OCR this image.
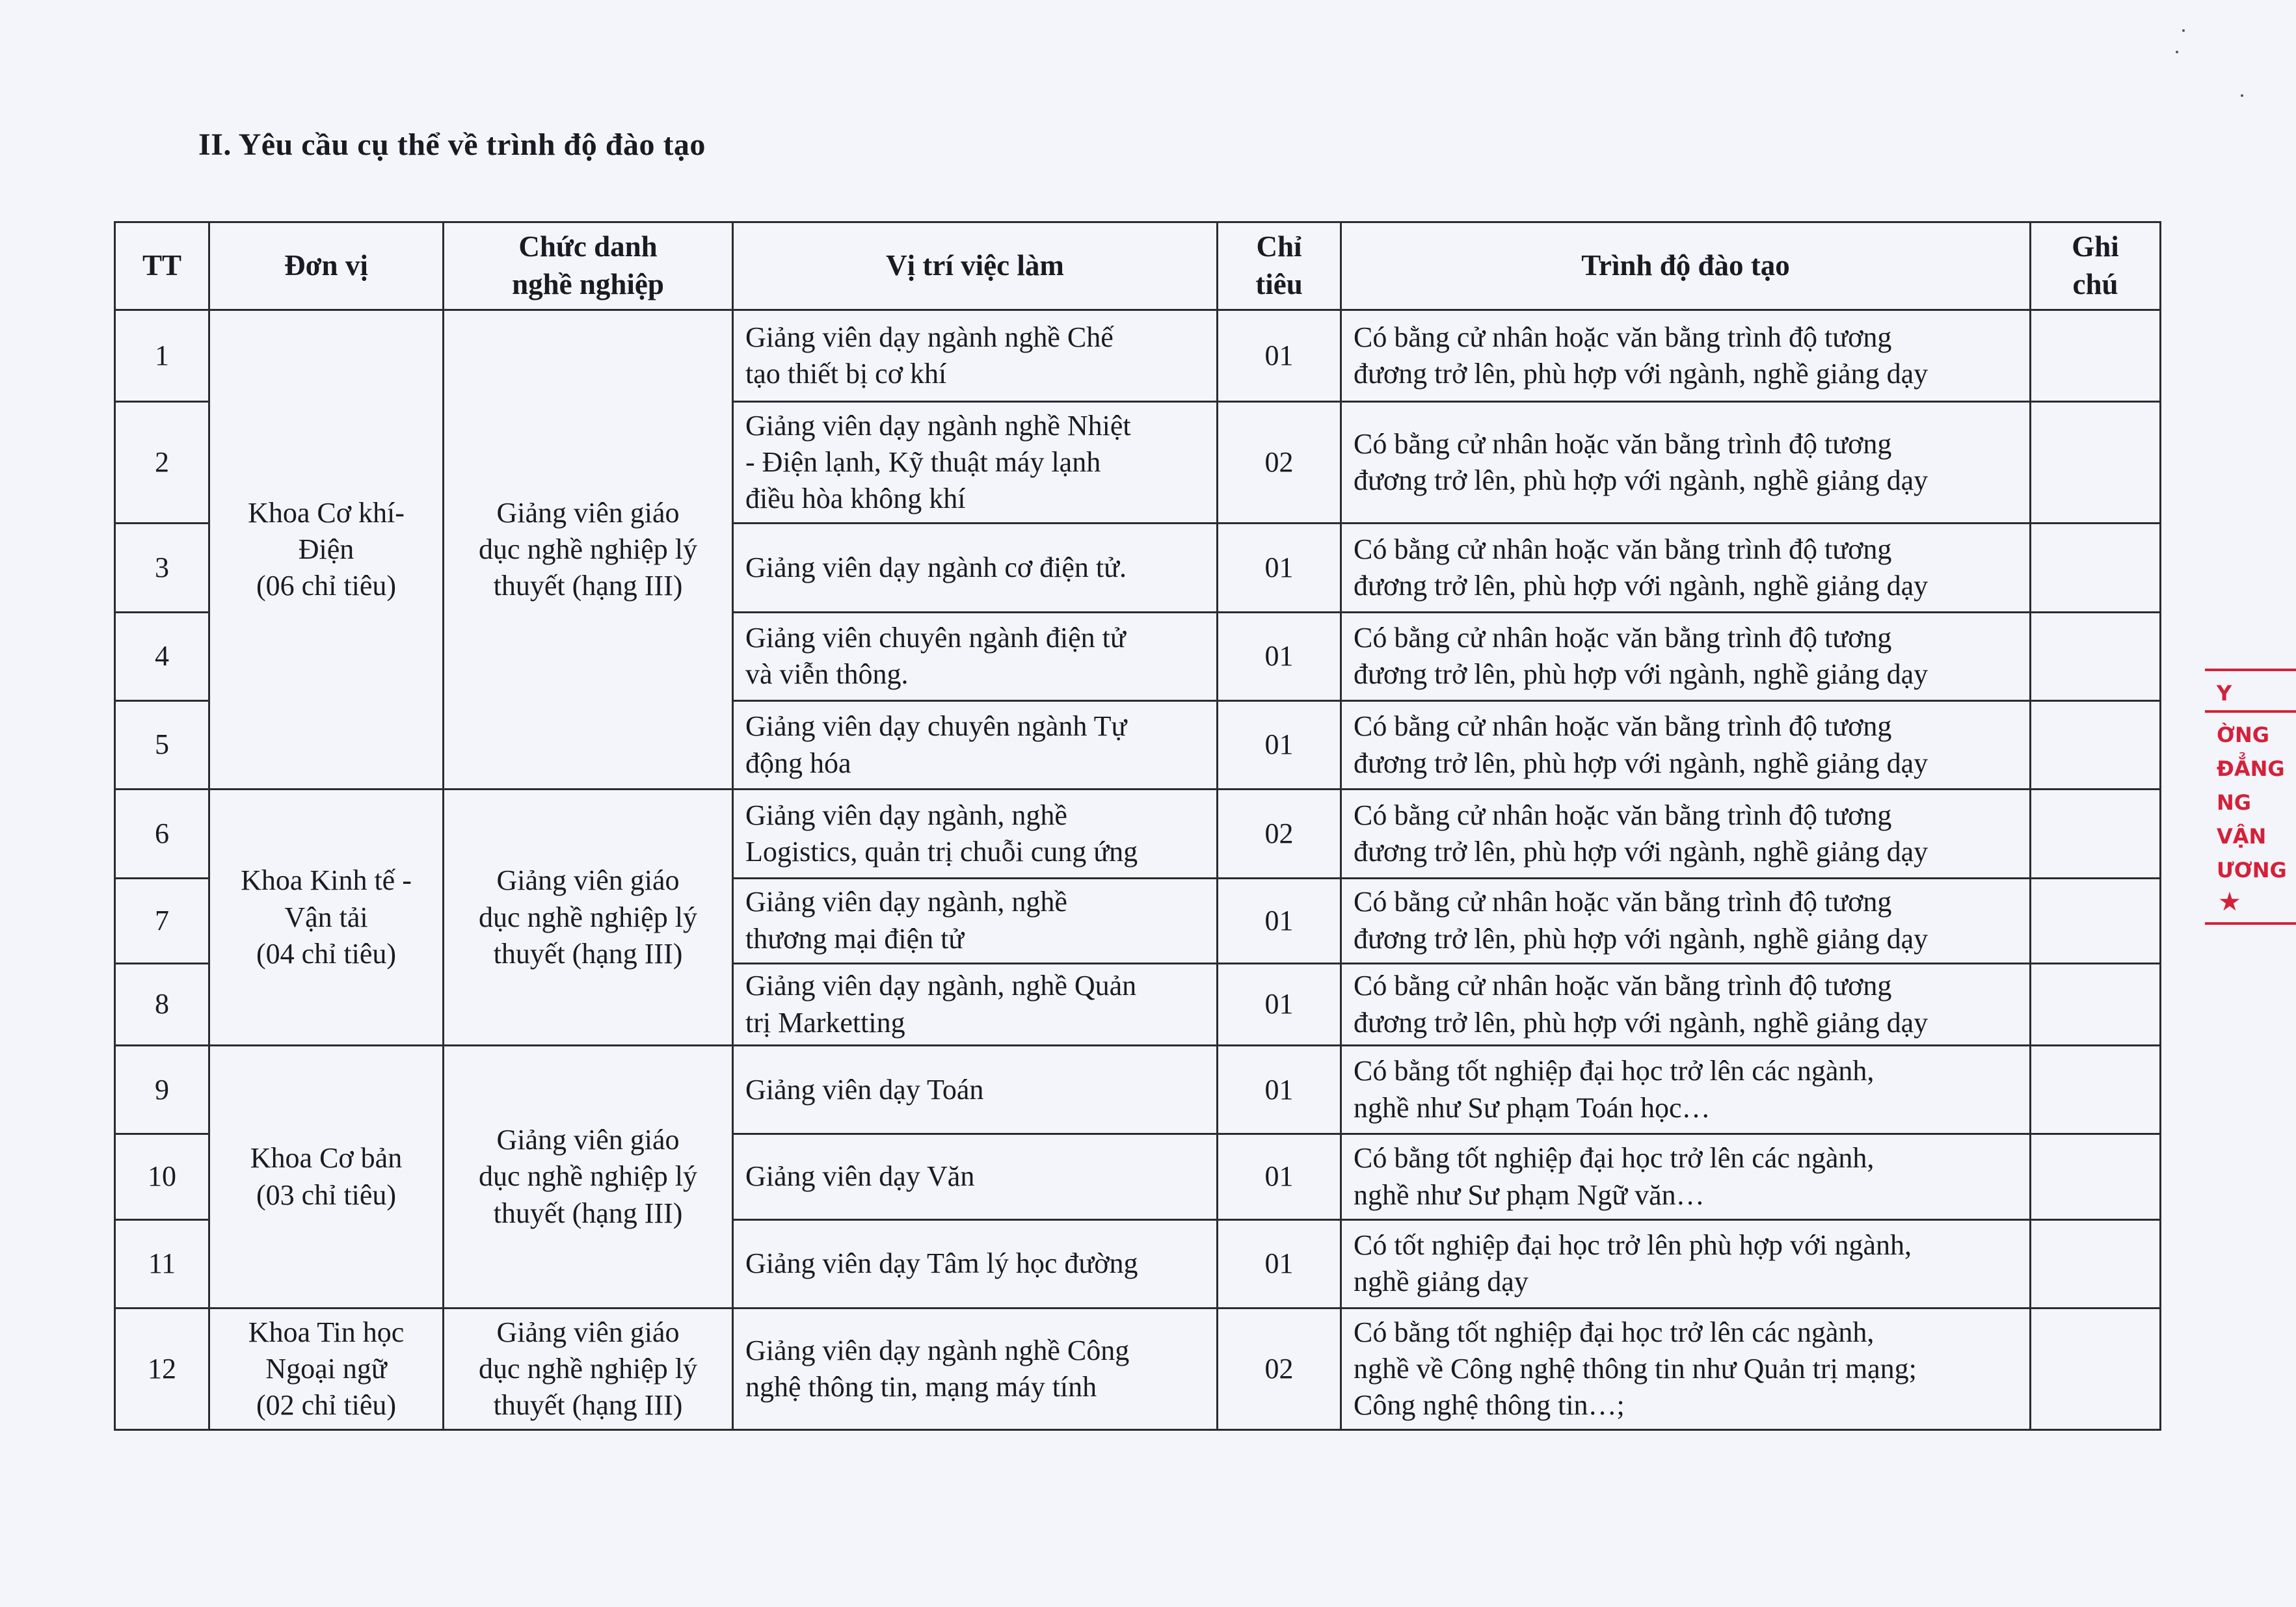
II. Yêu cầu cụ thể về trình độ đào tạo
TT	Đơn vị	Chức danh
nghề nghiệp	Vị trí việc làm	Chỉ
tiêu	Trình độ đào tạo	Ghi
chú
1	Khoa Cơ khí-
Điện
(06 chỉ tiêu)	Giảng viên giáo
dục nghề nghiệp lý
thuyết (hạng III)	Giảng viên dạy ngành nghề Chế
tạo thiết bị cơ khí	01	Có bằng cử nhân hoặc văn bằng trình độ tương
đương trở lên, phù hợp với ngành, nghề giảng dạy	
2			Giảng viên dạy ngành nghề Nhiệt
- Điện lạnh, Kỹ thuật máy lạnh
điều hòa không khí	02	Có bằng cử nhân hoặc văn bằng trình độ tương
đương trở lên, phù hợp với ngành, nghề giảng dạy	
3			Giảng viên dạy ngành cơ điện tử.	01	Có bằng cử nhân hoặc văn bằng trình độ tương
đương trở lên, phù hợp với ngành, nghề giảng dạy	
4			Giảng viên chuyên ngành điện tử
và viễn thông.	01	Có bằng cử nhân hoặc văn bằng trình độ tương
đương trở lên, phù hợp với ngành, nghề giảng dạy	
5			Giảng viên dạy chuyên ngành Tự
động hóa	01	Có bằng cử nhân hoặc văn bằng trình độ tương
đương trở lên, phù hợp với ngành, nghề giảng dạy	
6	Khoa Kinh tế -
Vận tải
(04 chỉ tiêu)	Giảng viên giáo
dục nghề nghiệp lý
thuyết (hạng III)	Giảng viên dạy ngành, nghề
Logistics, quản trị chuỗi cung ứng	02	Có bằng cử nhân hoặc văn bằng trình độ tương
đương trở lên, phù hợp với ngành, nghề giảng dạy	
7			Giảng viên dạy ngành, nghề
thương mại điện tử	01	Có bằng cử nhân hoặc văn bằng trình độ tương
đương trở lên, phù hợp với ngành, nghề giảng dạy	
8			Giảng viên dạy ngành, nghề Quản
trị Marketting	01	Có bằng cử nhân hoặc văn bằng trình độ tương
đương trở lên, phù hợp với ngành, nghề giảng dạy	
9	Khoa Cơ bản
(03 chỉ tiêu)	Giảng viên giáo
dục nghề nghiệp lý
thuyết (hạng III)	Giảng viên dạy Toán	01	Có bằng tốt nghiệp đại học trở lên các ngành,
nghề như Sư phạm Toán học…	
10			Giảng viên dạy Văn	01	Có bằng tốt nghiệp đại học trở lên các ngành,
nghề như Sư phạm Ngữ văn…	
11			Giảng viên dạy Tâm lý học đường	01	Có tốt nghiệp đại học trở lên phù hợp với ngành,
nghề giảng dạy	
12	Khoa Tin học
Ngoại ngữ
(02 chỉ tiêu)	Giảng viên giáo
dục nghề nghiệp lý
thuyết (hạng III)	Giảng viên dạy ngành nghề Công
nghệ thông tin, mạng máy tính	02	Có bằng tốt nghiệp đại học trở lên các ngành,
nghề về Công nghệ thông tin như Quản trị mạng;
Công nghệ thông tin…;	
Y
ỜNG
ĐẲNG
NG VẬN
ƯƠNG
★
